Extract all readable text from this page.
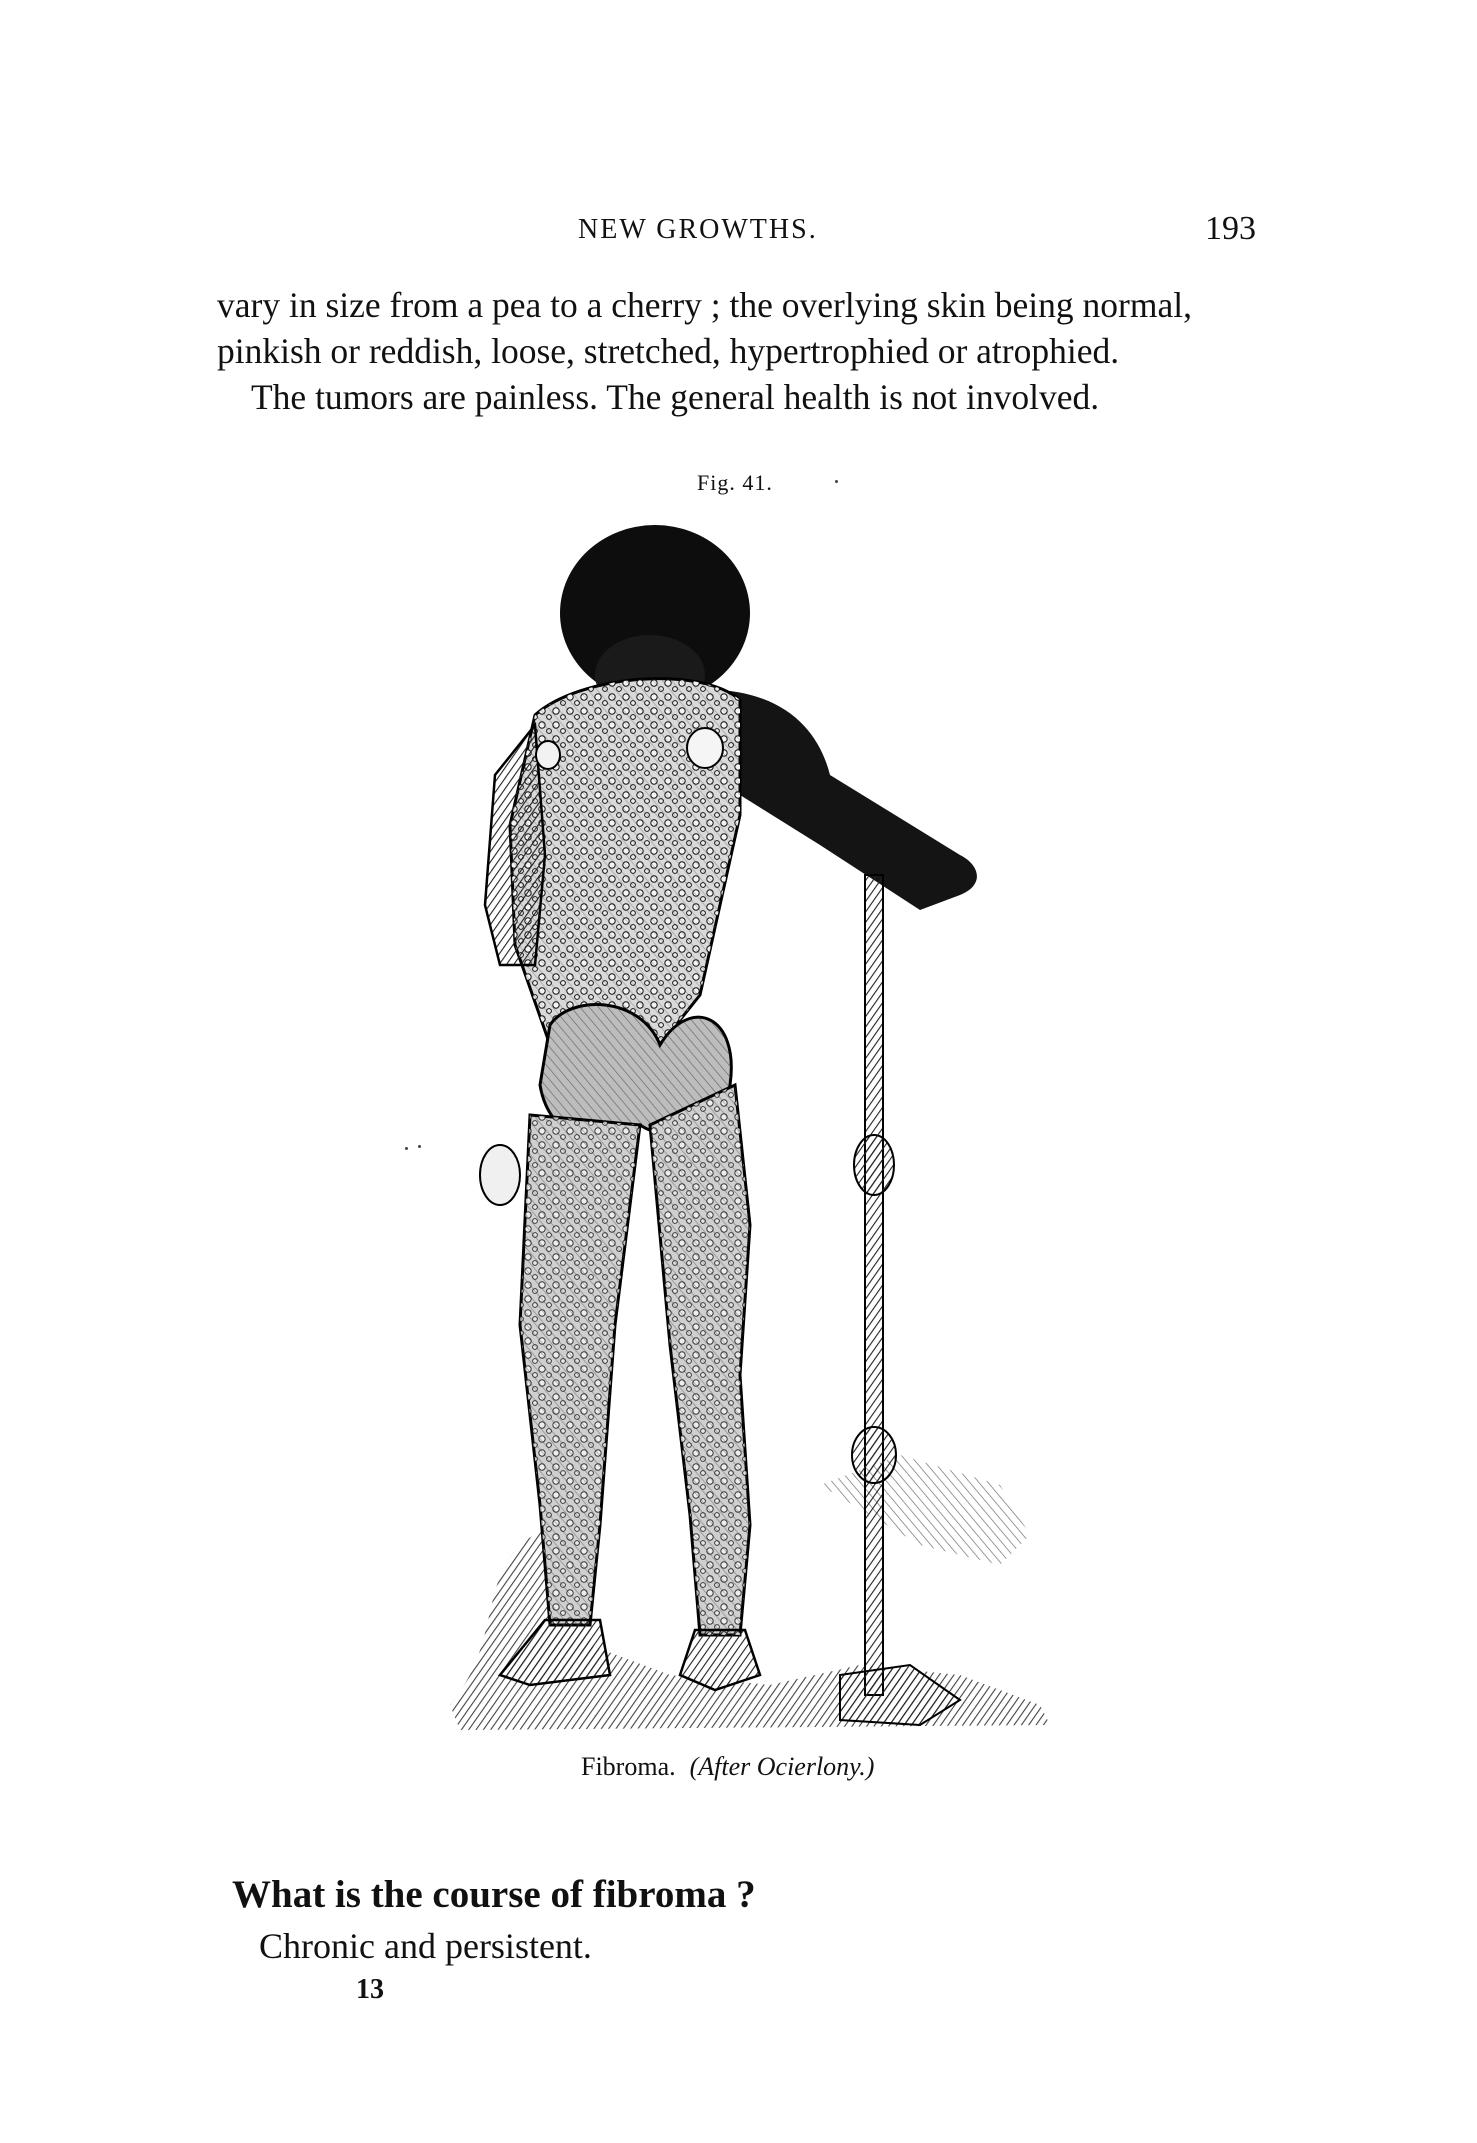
NEW GROWTHS.	193

vary in size from a pea to a cherry ; the overlying skin being normal,

pinkish or reddish, loose, stretched, hypertrophied or atrophied.

The tumors are painless. The general health is not involved.

Fig. 41.
Fibroma. (After Ocierlony.)
What is the course of fibroma ?
Chronic and persistent.
13
